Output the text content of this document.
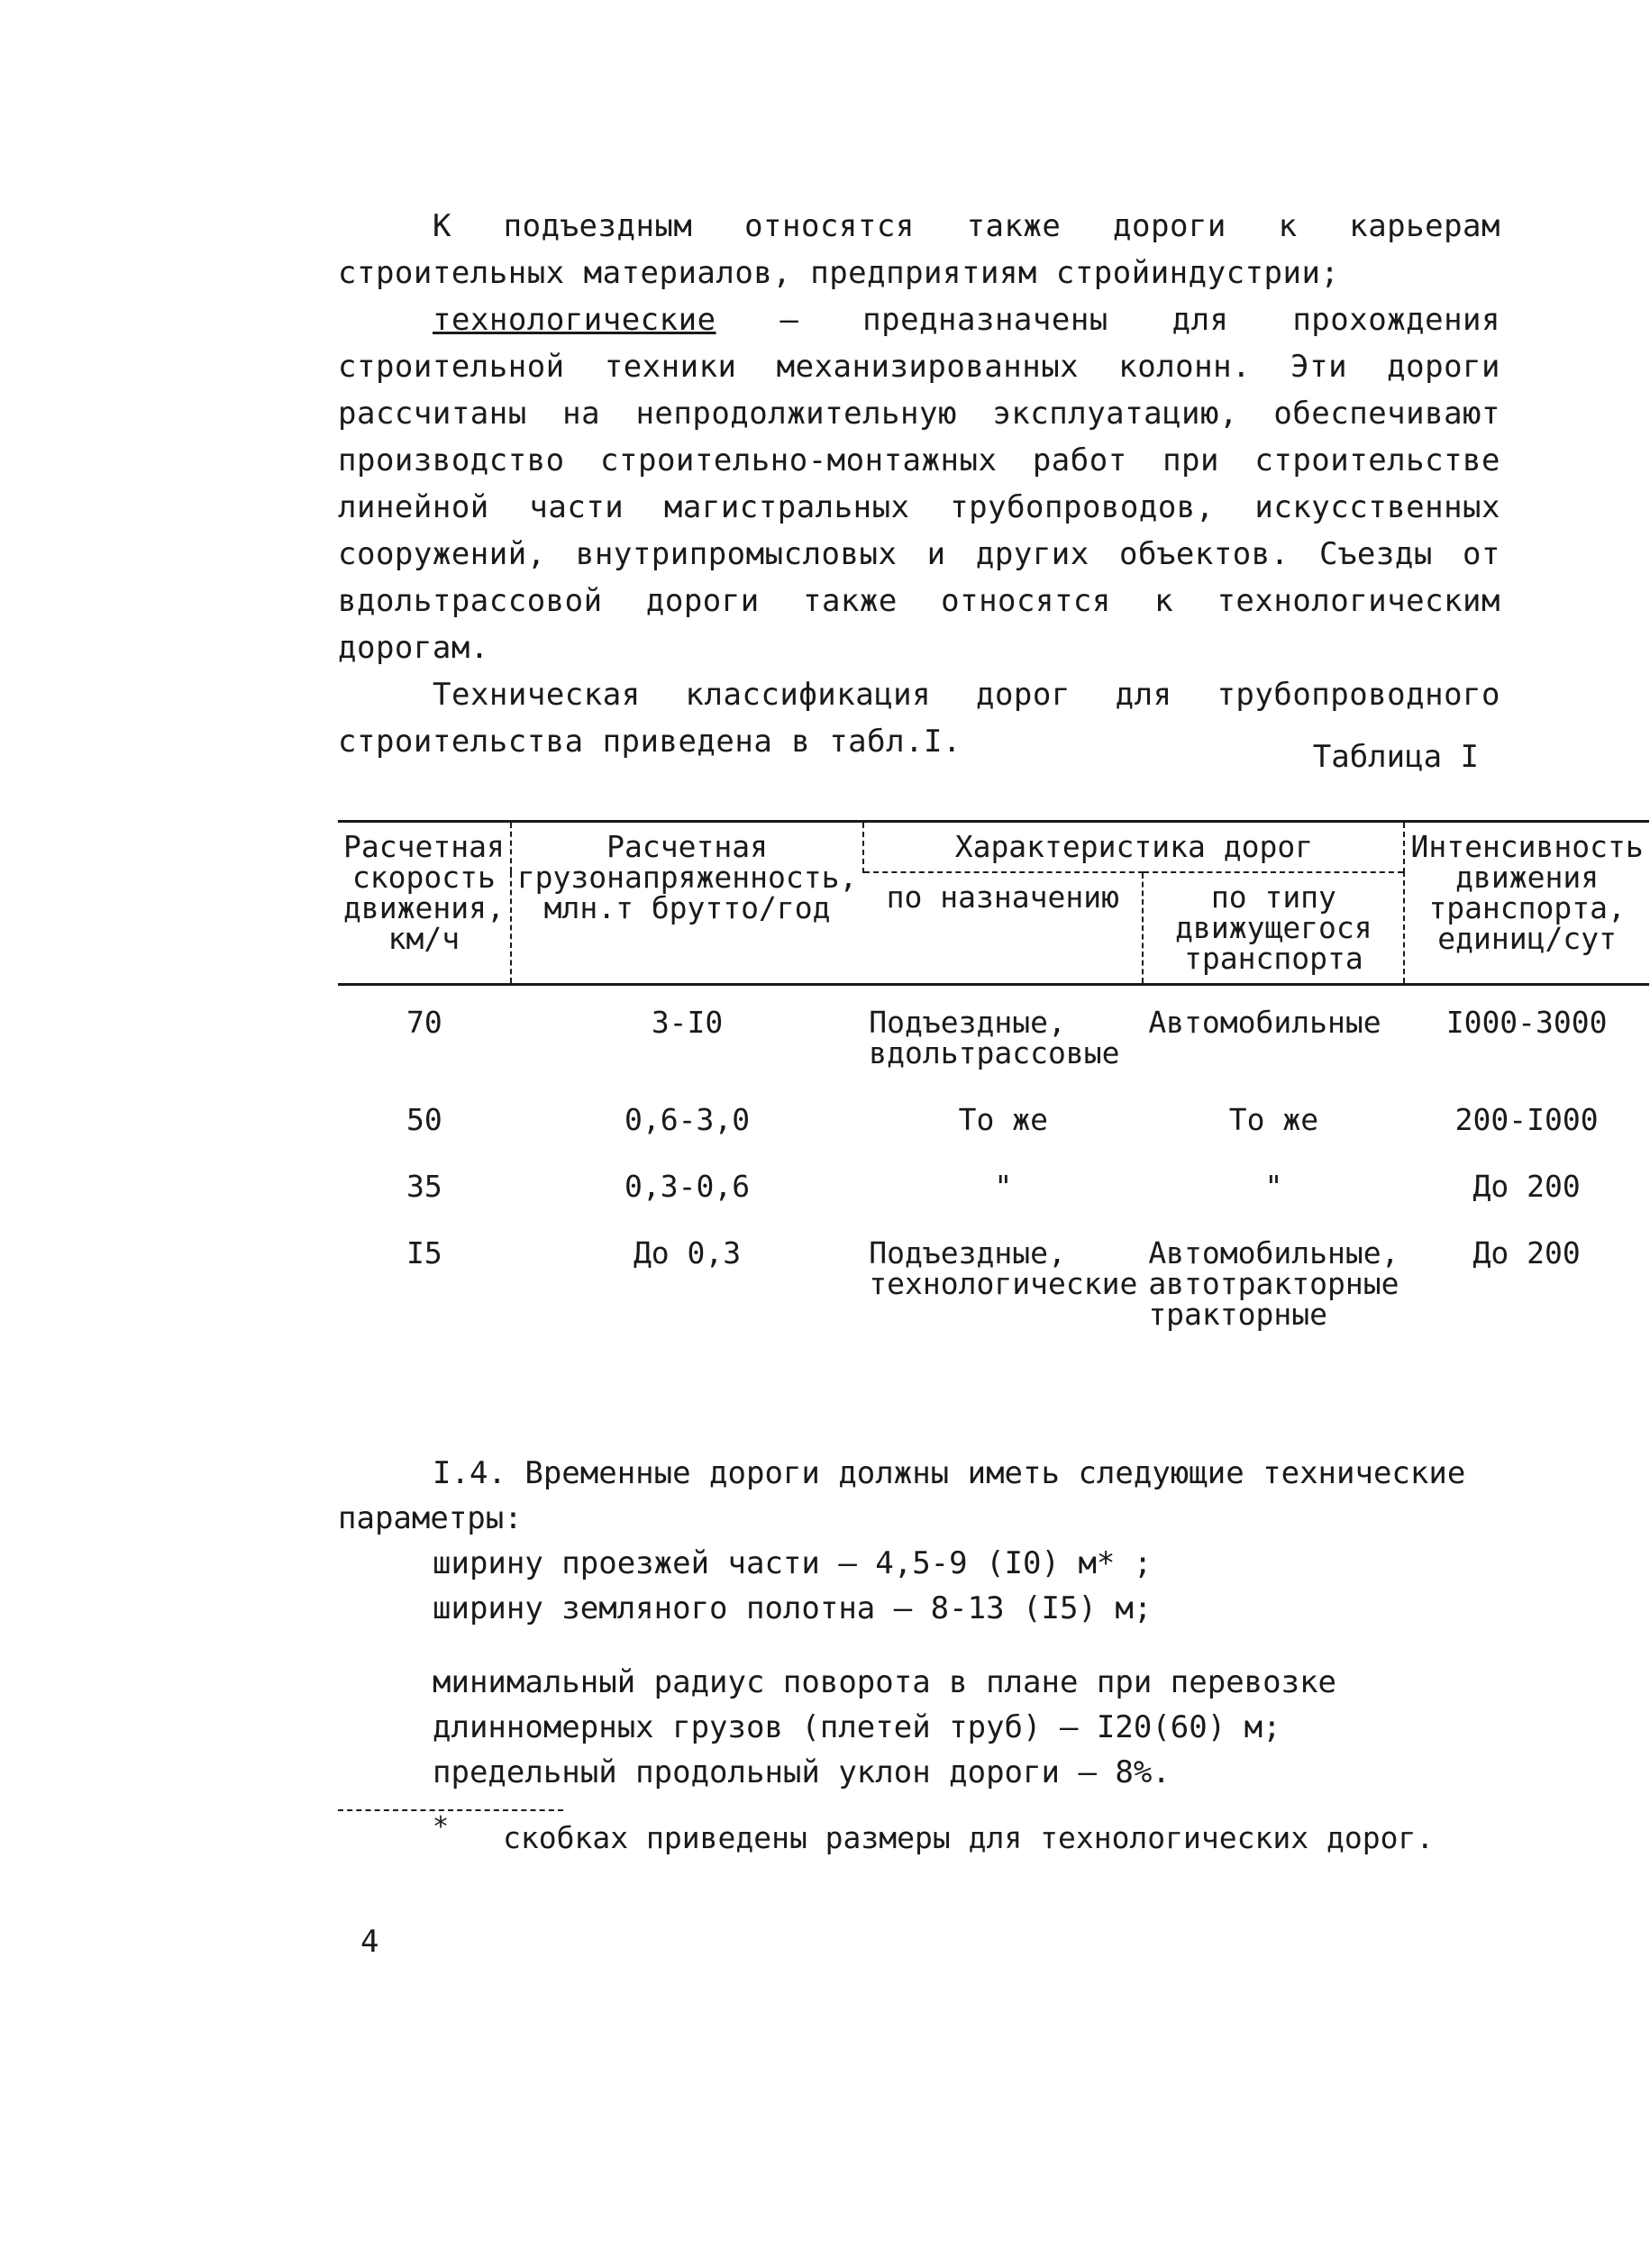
К подъездным относятся также дороги к карьерам строительных материалов, предприятиям стройиндустрии;

технологические – предназначены для прохождения строительной техники механизированных колонн. Эти дороги рассчитаны на непродолжительную эксплуатацию, обеспечивают производство строительно-монтажных работ при строительстве линейной части магистральных трубопроводов, искусственных сооружений, внутрипромысловых и других объектов. Съезды от вдольтрассовой дороги также относятся к технологическим дорогам.

Техническая классификация дорог для трубопроводного строительства приведена в табл.I.	Таблица I
Расчетная скорость движения, км/ч	Расчетная грузонапряженность, млн.т брутто/год	Характеристика дорог		Интенсивность движения транспорта, единиц/сут
		по назначению	по типу движущегося транспорта	
70	3-I0	Подъездные, вдольтрассовые	Автомобильные	I000-3000
50	0,6-3,0	То же	То же	200-I000
35	0,3-0,6	"	"	До 200
I5	До 0,3	Подъездные, технологические	Автомобильные, автотракторные тракторные	До 200

I.4. Временные дороги должны иметь следующие технические параметры:

ширину проезжей части – 4,5-9 (I0) м* ;

ширину земляного полотна – 8-13 (I5) м;

минимальный радиус поворота в плане при перевозке длинномерных грузов (плетей труб) – I20(60) м;

предельный продольный уклон дороги – 8%.

* скобках приведены размеры для технологических дорог.
4
